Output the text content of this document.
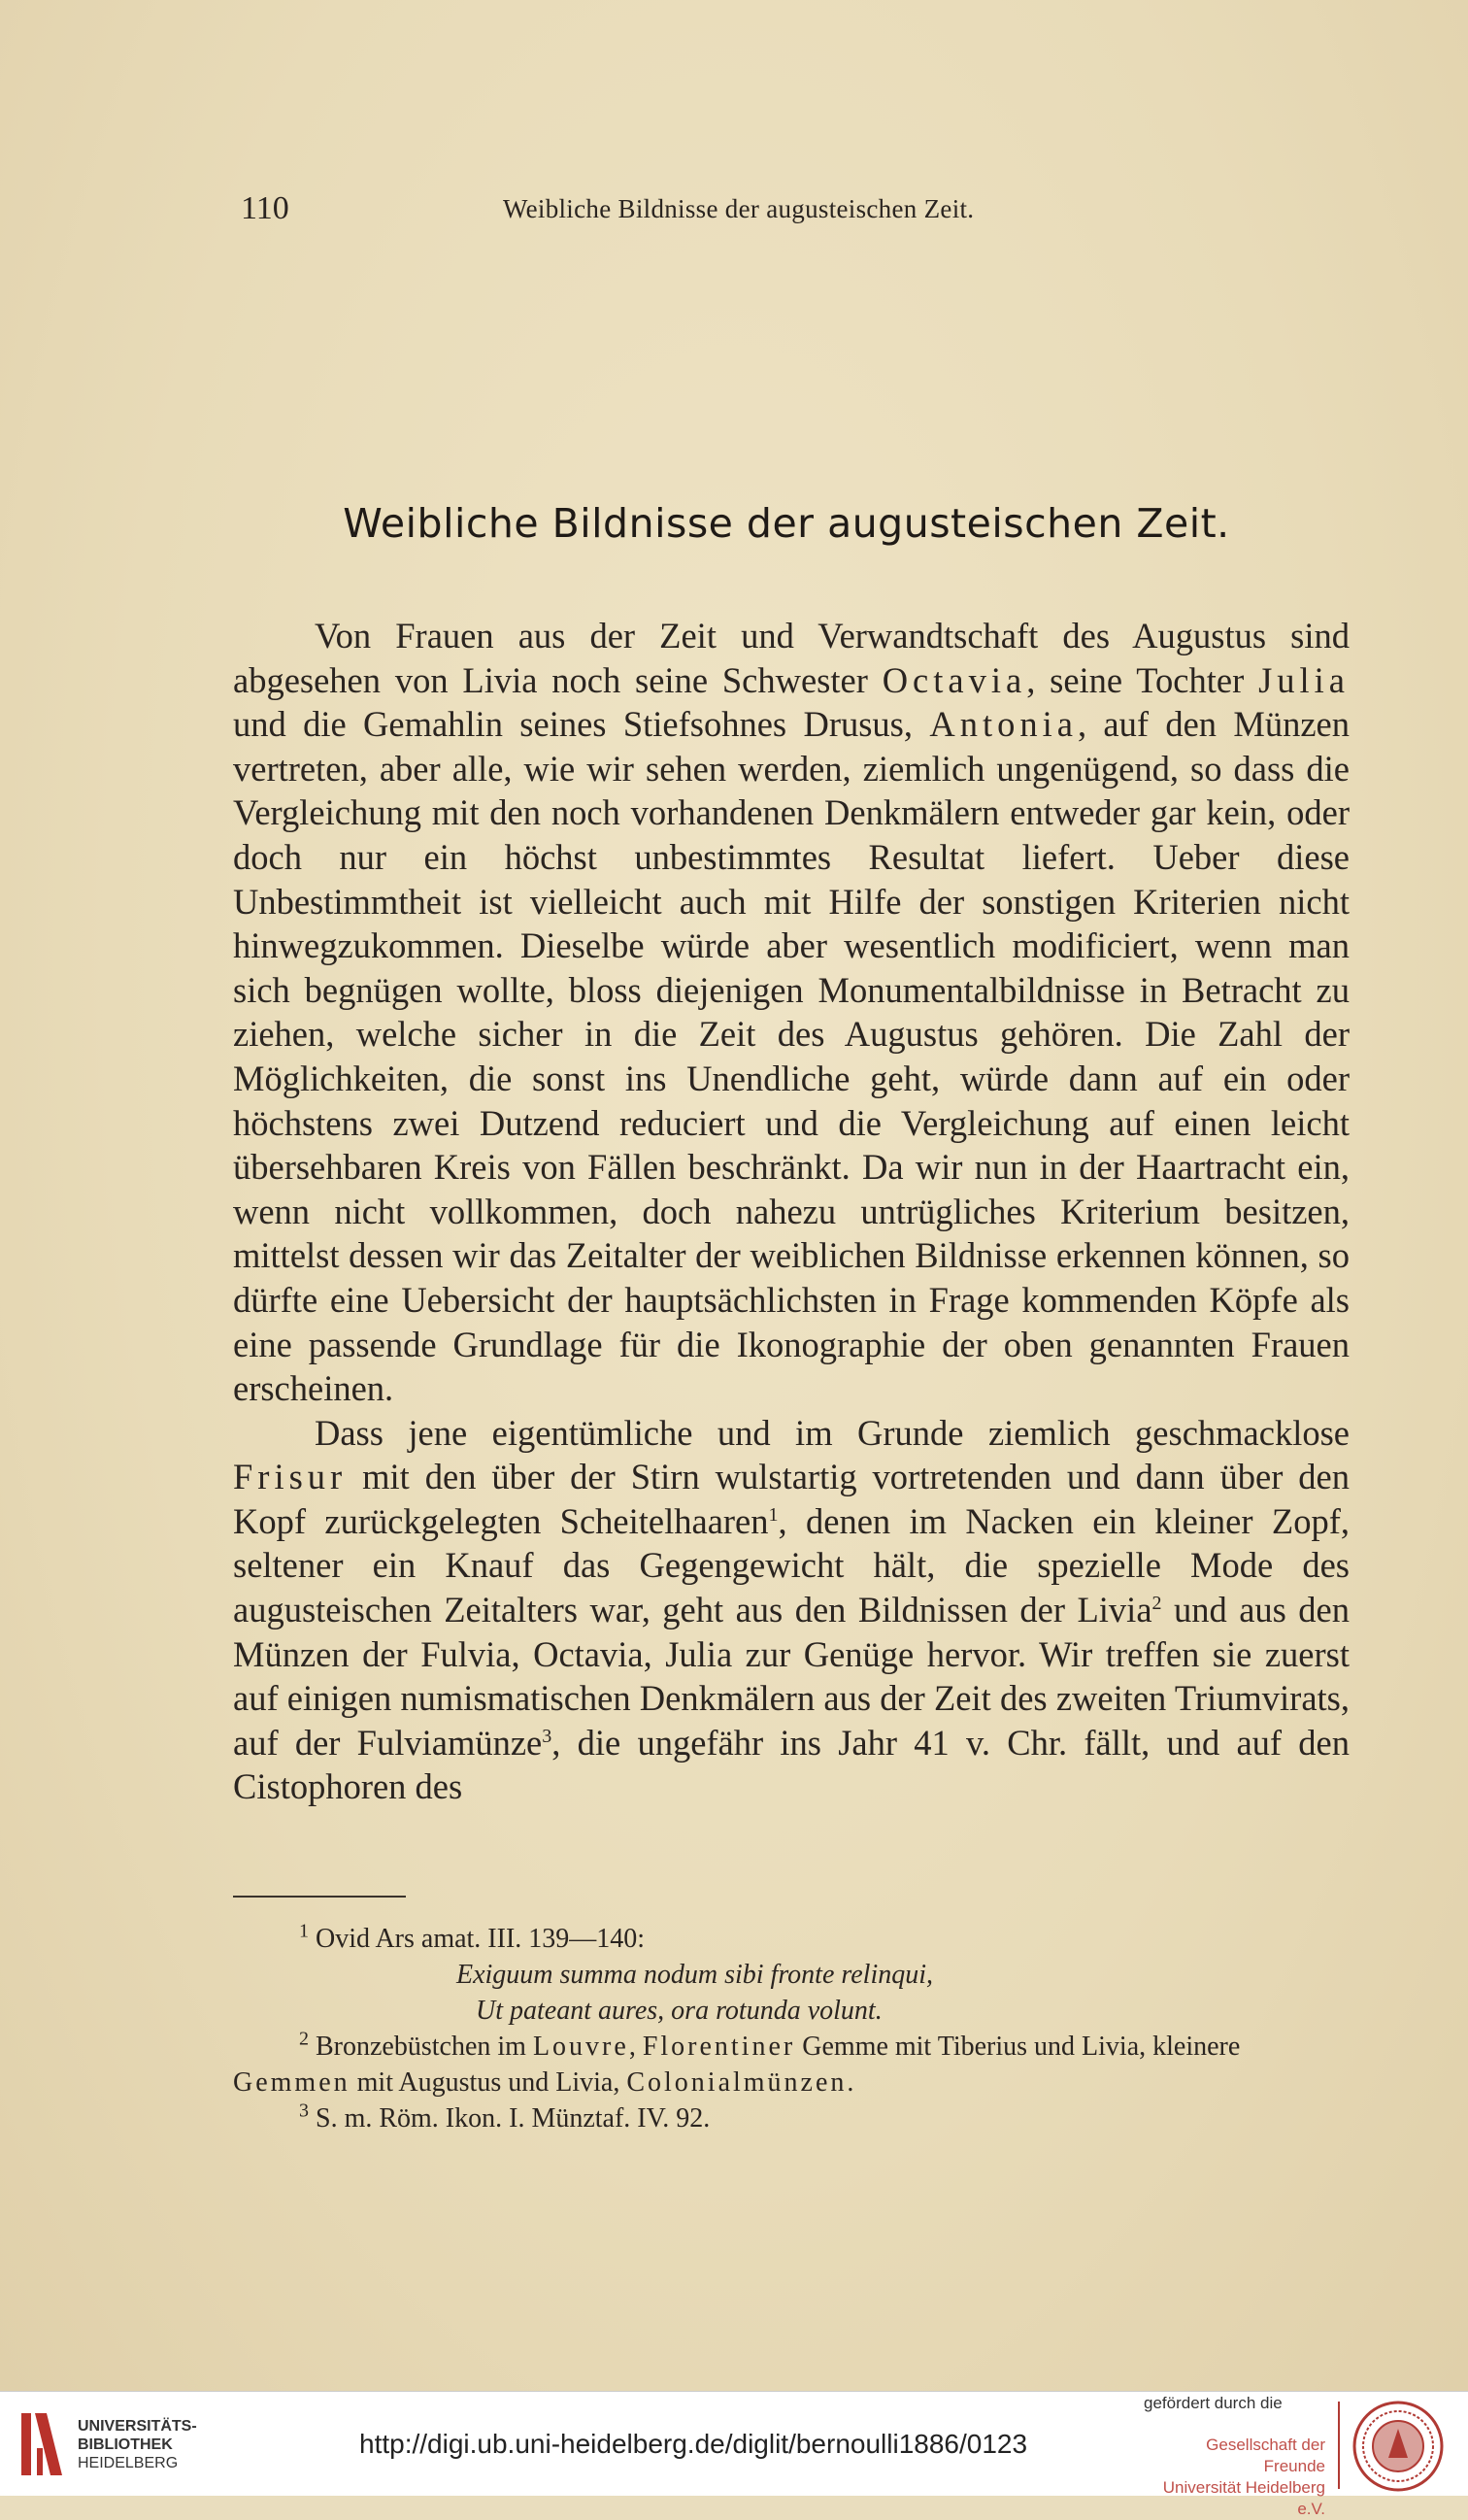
110	Weibliche Bildnisse der augusteischen Zeit.
Weibliche Bildnisse der augusteischen Zeit.

Von Frauen aus der Zeit und Verwandtschaft des Augustus sind abgesehen von Livia noch seine Schwester Octavia, seine Tochter Julia und die Gemahlin seines Stiefsohnes Drusus, Antonia, auf den Münzen vertreten, aber alle, wie wir sehen werden, ziemlich ungenügend, so dass die Vergleichung mit den noch vorhandenen Denkmälern entweder gar kein, oder doch nur ein höchst unbestimmtes Resultat liefert. Ueber diese Unbestimmtheit ist vielleicht auch mit Hilfe der sonstigen Kriterien nicht hinwegzukommen. Dieselbe würde aber wesentlich modificiert, wenn man sich begnügen wollte, bloss diejenigen Monumentalbildnisse in Betracht zu ziehen, welche sicher in die Zeit des Augustus gehören. Die Zahl der Möglichkeiten, die sonst ins Unendliche geht, würde dann auf ein oder höchstens zwei Dutzend reduciert und die Vergleichung auf einen leicht übersehbaren Kreis von Fällen beschränkt. Da wir nun in der Haartracht ein, wenn nicht vollkommen, doch nahezu untrügliches Kriterium besitzen, mittelst dessen wir das Zeitalter der weiblichen Bildnisse erkennen können, so dürfte eine Uebersicht der hauptsächlichsten in Frage kommenden Köpfe als eine passende Grundlage für die Ikonographie der oben genannten Frauen erscheinen.

Dass jene eigentümliche und im Grunde ziemlich geschmacklose Frisur mit den über der Stirn wulstartig vortretenden und dann über den Kopf zurückgelegten Scheitelhaaren$^1$, denen im Nacken ein kleiner Zopf, seltener ein Knauf das Gegengewicht hält, die spezielle Mode des augusteischen Zeitalters war, geht aus den Bildnissen der Livia$^2$ und aus den Münzen der Fulvia, Octavia, Julia zur Genüge hervor. Wir treffen sie zuerst auf einigen numismatischen Denkmälern aus der Zeit des zweiten Triumvirats, auf der Fulviamünze$^3$, die ungefähr ins Jahr 41 v. Chr. fällt, und auf den Cistophoren des

$^1$ Ovid Ars amat. III. 139—140:

Exiguum summa nodum sibi fronte relinqui,

Ut pateant aures, ora rotunda volunt.

$^2$ Bronzebüstchen im Louvre, Florentiner Gemme mit Tiberius und Livia, kleinere Gemmen mit Augustus und Livia, Colonialmünzen.

$^3$ S. m. Röm. Ikon. I. Münztaf. IV. 92.

UNIVERSITÄTS-
BIBLIOTHEK
HEIDELBERG
http://digi.ub.uni-heidelberg.de/diglit/bernoulli1886/0123
gefördert durch die
Gesellschaft der Freunde
Universität Heidelberg e.V.
